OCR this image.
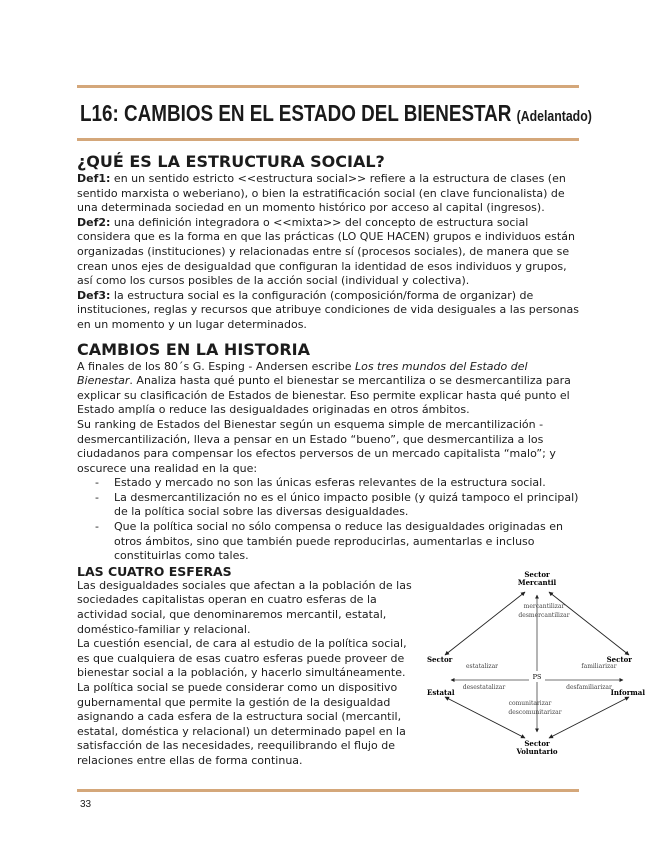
L16: CAMBIOS EN EL ESTADO DEL BIENESTAR (Adelantado)
¿QUÉ ES LA ESTRUCTURA SOCIAL?

Def1: en un sentido estricto <<estructura social>> refiere a la estructura de clases (en sentido marxista o weberiano), o bien la estratificación social (en clave funcionalista) de una determinada sociedad en un momento histórico por acceso al capital (ingresos).

Def2: una definición integradora o <<mixta>> del concepto de estructura social considera que es la forma en que las prácticas (LO QUE HACEN) grupos e individuos están organizadas (instituciones) y relacionadas entre sí (procesos sociales), de manera que se crean unos ejes de desigualdad que configuran la identidad de esos individuos y grupos, así como los cursos posibles de la acción social (individual y colectiva).

Def3: la estructura social es la configuración (composición/forma de organizar) de instituciones, reglas y recursos que atribuye condiciones de vida desiguales a las personas en un momento y un lugar determinados.

CAMBIOS EN LA HISTORIA

A finales de los 80´s G. Esping - Andersen escribe Los tres mundos del Estado del Bienestar. Analiza hasta qué punto el bienestar se mercantiliza o se desmercantiliza para explicar su clasificación de Estados de bienestar. Eso permite explicar hasta qué punto el Estado amplía o reduce las desigualdades originadas en otros ámbitos.

Su ranking de Estados del Bienestar según un esquema simple de mercantilización - desmercantilización, lleva a pensar en un Estado “bueno”, que desmercantiliza a los ciudadanos para compensar los efectos perversos de un mercado capitalista “malo”; y oscurece una realidad en la que:

- Estado y mercado no son las únicas esferas relevantes de la estructura social.
- La desmercantilización no es el único impacto posible (y quizá tampoco el principal) de la política social sobre las diversas desigualdades.
- Que la política social no sólo compensa o reduce las desigualdades originadas en otros ámbitos, sino que también puede reproducirlas, aumentarlas e incluso constituirlas como tales.
LAS CUATRO ESFERAS

Las desigualdades sociales que afectan a la población de las sociedades capitalistas operan en cuatro esferas de la actividad social, que denominaremos mercantil, estatal, doméstico-familiar y relacional.

La cuestión esencial, de cara al estudio de la política social, es que cualquiera de esas cuatro esferas puede proveer de bienestar social a la población, y hacerlo simultáneamente.

La política social se puede considerar como un dispositivo gubernamental que permite la gestión de la desigualdad asignando a cada esfera de la estructura social (mercantil, estatal, doméstica y relacional) un determinado papel en la satisfacción de las necesidades, reequilibrando el flujo de relaciones entre ellas de forma continua.

Sector
Mercantil
Sector
Estatal
Sector
Informal
Sector
Voluntario
PS
mercantilizar
desmercantilizar
estatalizar
desestatalizar
familiarizar
desfamiliarizar
comunitarizar
descomunitarizar
33
